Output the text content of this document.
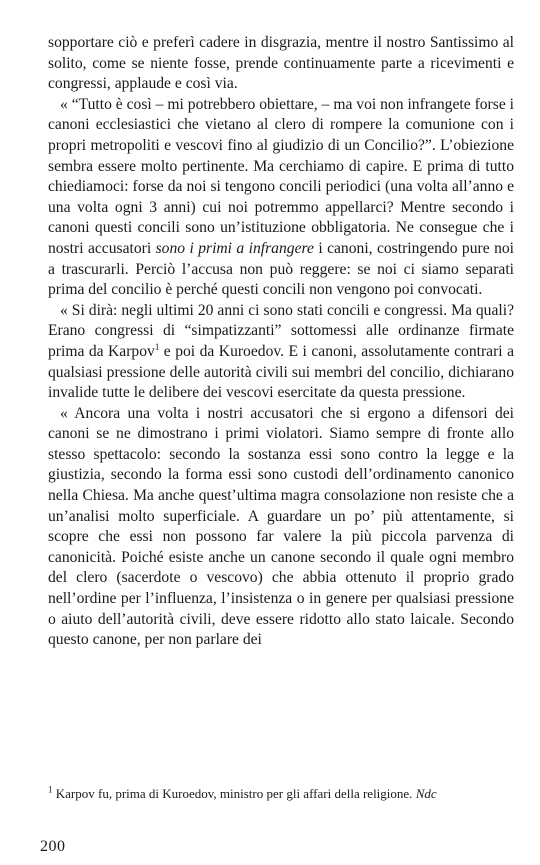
sopportare ciò e preferì cadere in disgrazia, mentre il nostro Santissimo al solito, come se niente fosse, prende continuamente parte a ricevimenti e congressi, applaude e così via.

« “Tutto è così – mi potrebbero obiettare, – ma voi non infrangete forse i canoni ecclesiastici che vietano al clero di rompere la comunione con i propri metropoliti e vescovi fino al giudizio di un Concilio?”. L’obiezione sembra essere molto pertinente. Ma cerchiamo di capire. E prima di tutto chiediamoci: forse da noi si tengono concili periodici (una volta all’anno e una volta ogni 3 anni) cui noi potremmo appellarci? Mentre secondo i canoni questi concili sono un’istituzione obbligatoria. Ne consegue che i nostri accusatori sono i primi a infrangere i canoni, costringendo pure noi a trascurarli. Perciò l’accusa non può reggere: se noi ci siamo separati prima del concilio è perché questi concili non vengono poi convocati.

« Si dirà: negli ultimi 20 anni ci sono stati concili e congressi. Ma quali? Erano congressi di “simpatizzanti” sottomessi alle ordinanze firmate prima da Karpov$^1$ e poi da Kuroedov. E i canoni, assolutamente contrari a qualsiasi pressione delle autorità civili sui membri del concilio, dichiarano invalide tutte le delibere dei vescovi esercitate da questa pressione.

« Ancora una volta i nostri accusatori che si ergono a difensori dei canoni se ne dimostrano i primi violatori. Siamo sempre di fronte allo stesso spettacolo: secondo la sostanza essi sono contro la legge e la giustizia, secondo la forma essi sono custodi dell’ordinamento canonico nella Chiesa. Ma anche quest’ultima magra consolazione non resiste che a un’analisi molto superficiale. A guardare un po’ più attentamente, si scopre che essi non possono far valere la più piccola parvenza di canonicità. Poiché esiste anche un canone secondo il quale ogni membro del clero (sacerdote o vescovo) che abbia ottenuto il proprio grado nell’ordine per l’influenza, l’insistenza o in genere per qualsiasi pressione o aiuto dell’autorità civili, deve essere ridotto allo stato laicale. Secondo questo canone, per non parlare dei

$^1$ Karpov fu, prima di Kuroedov, ministro per gli affari della religione. Ndc
200
